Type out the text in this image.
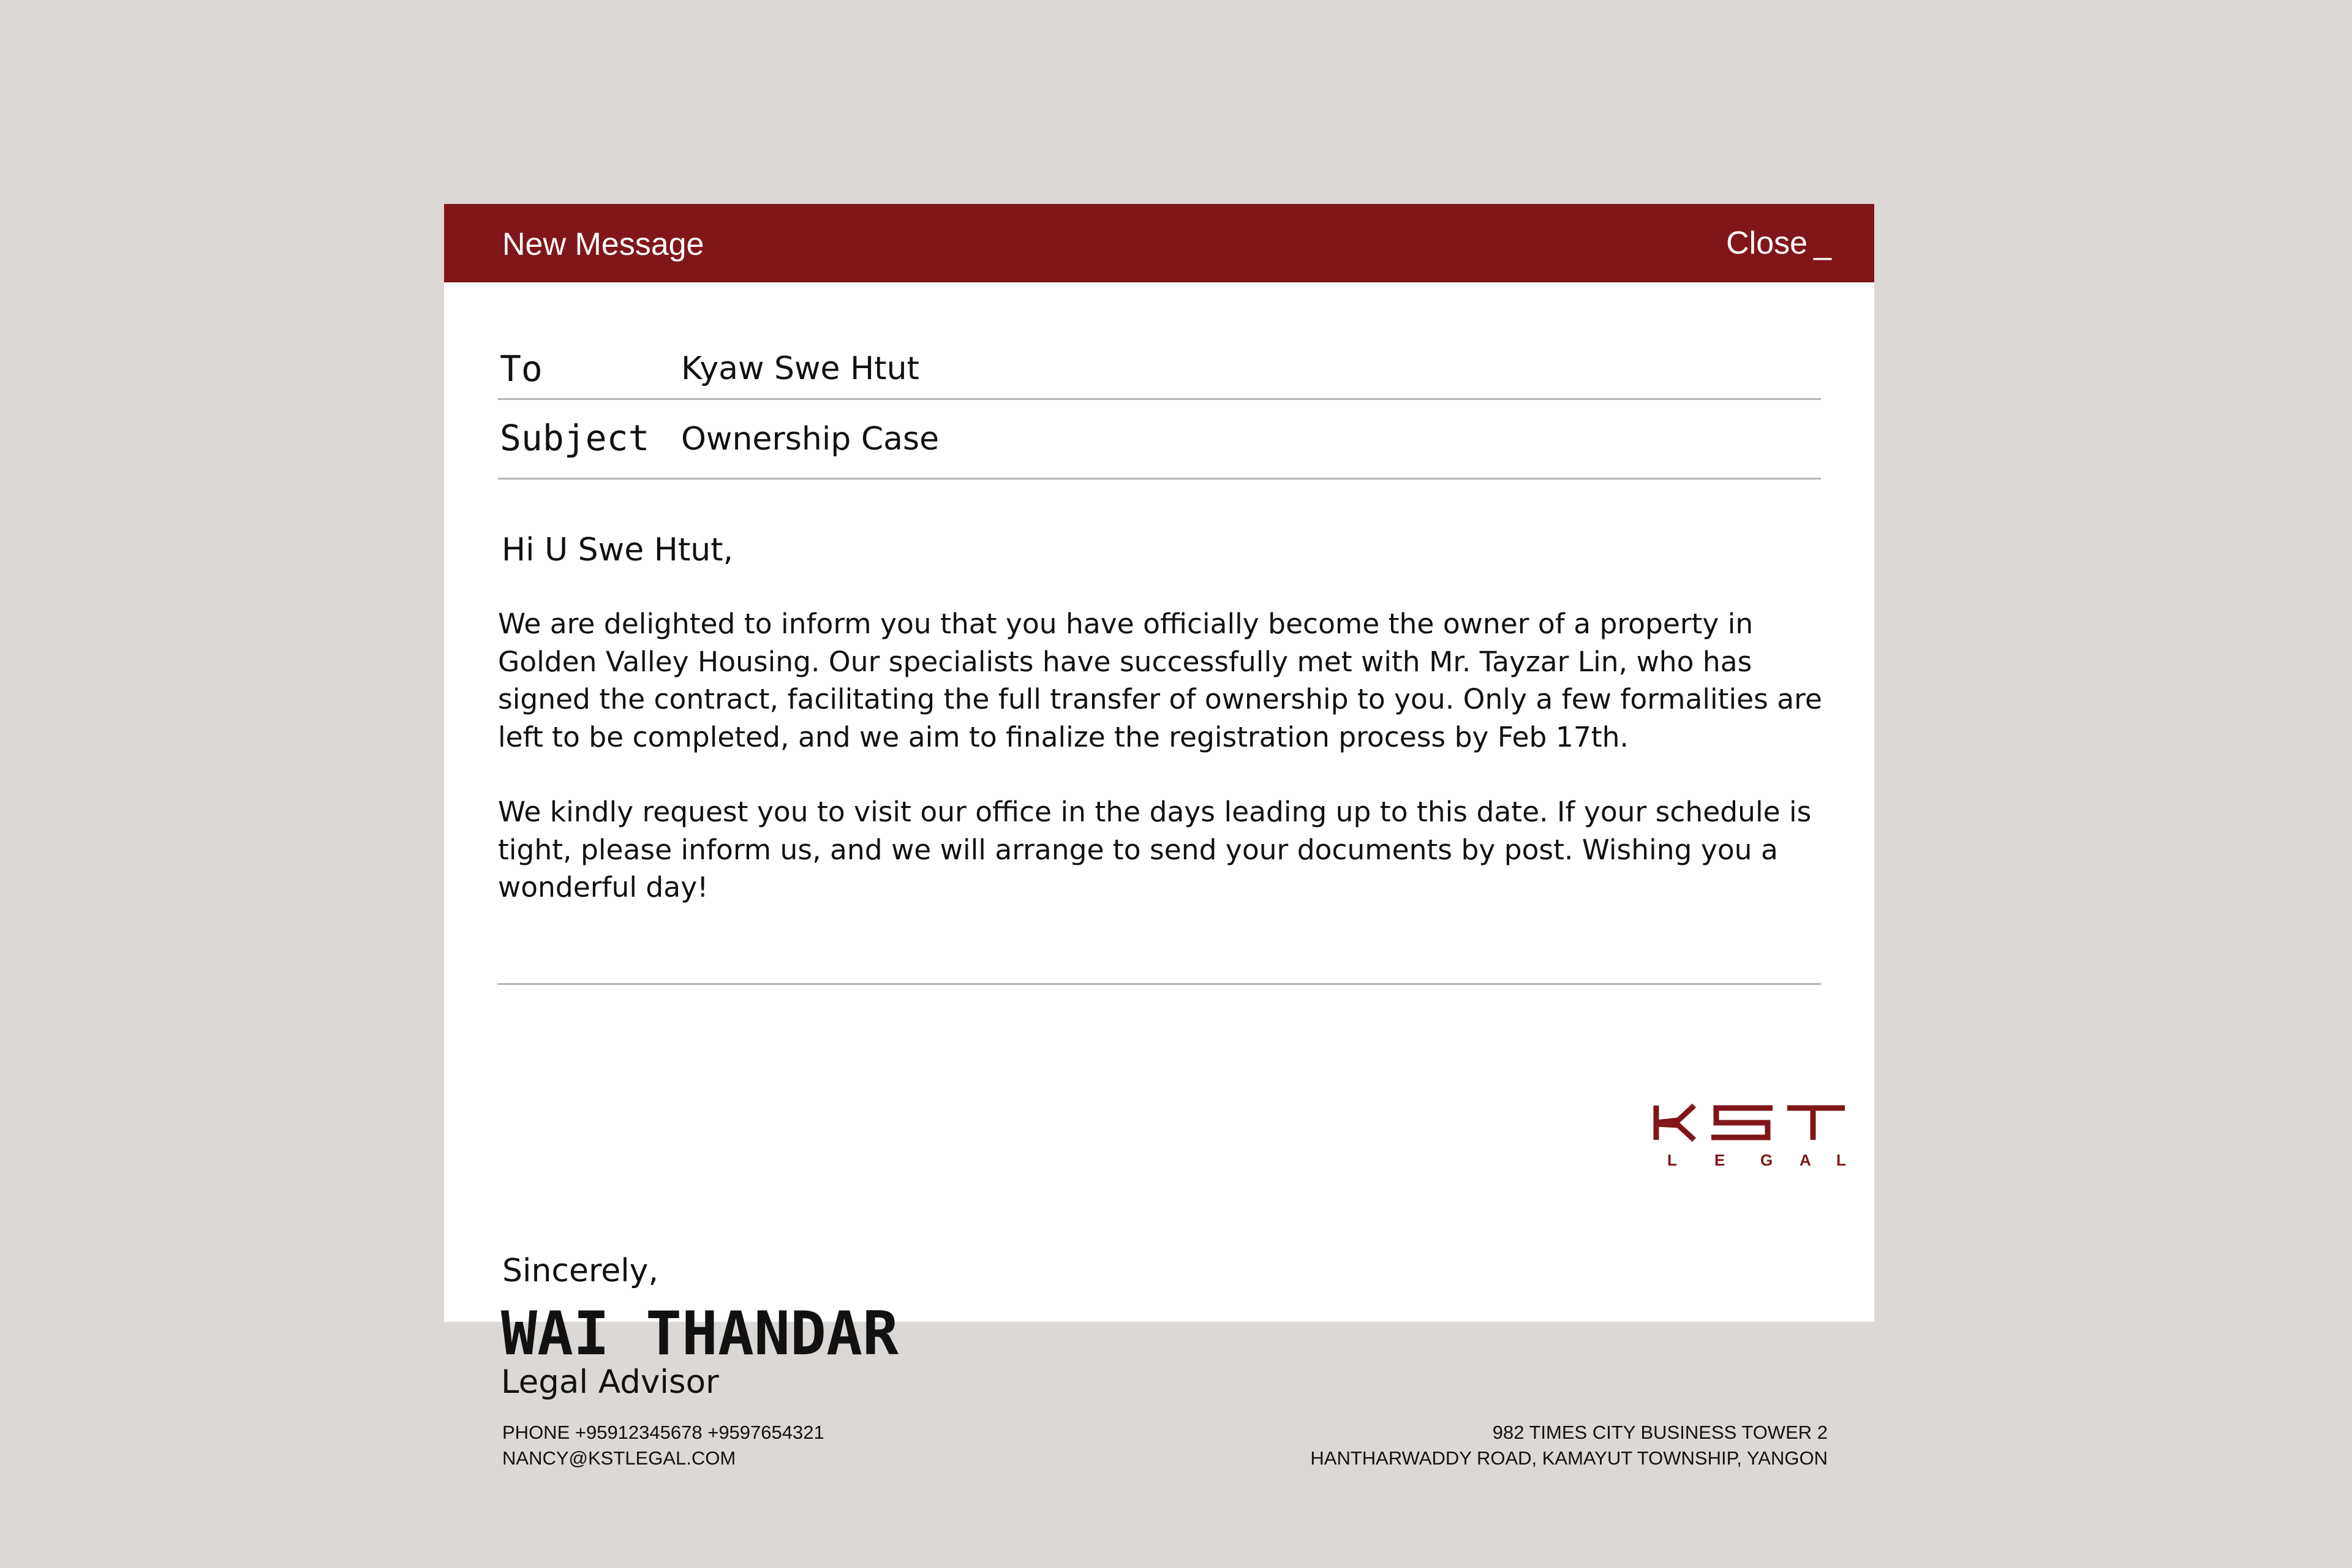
New Message	Close _
To
Kyaw Swe Htut
Subject
Ownership Case

Hi U Swe Htut,

We are delighted to inform you that you have officially become the owner of a property in Golden Valley Housing. Our specialists have successfully met with Mr. Tayzar Lin, who has signed the contract, facilitating the full transfer of ownership to you. Only a few formalities are left to be completed, and we aim to finalize the registration process by Feb 17th.

We kindly request you to visit our office in the days leading up to this date. If your schedule is tight, please inform us, and we will arrange to send your documents by post. Wishing you a wonderful day!

Sincerely,
WAI THANDAR
Legal Advisor
PHONE +95912345678 +9597654321
NANCY@KSTLEGAL.COM
982 TIMES CITY BUSINESS TOWER 2
HANTHARWADDY ROAD, KAMAYUT TOWNSHIP, YANGON
L E G A L
